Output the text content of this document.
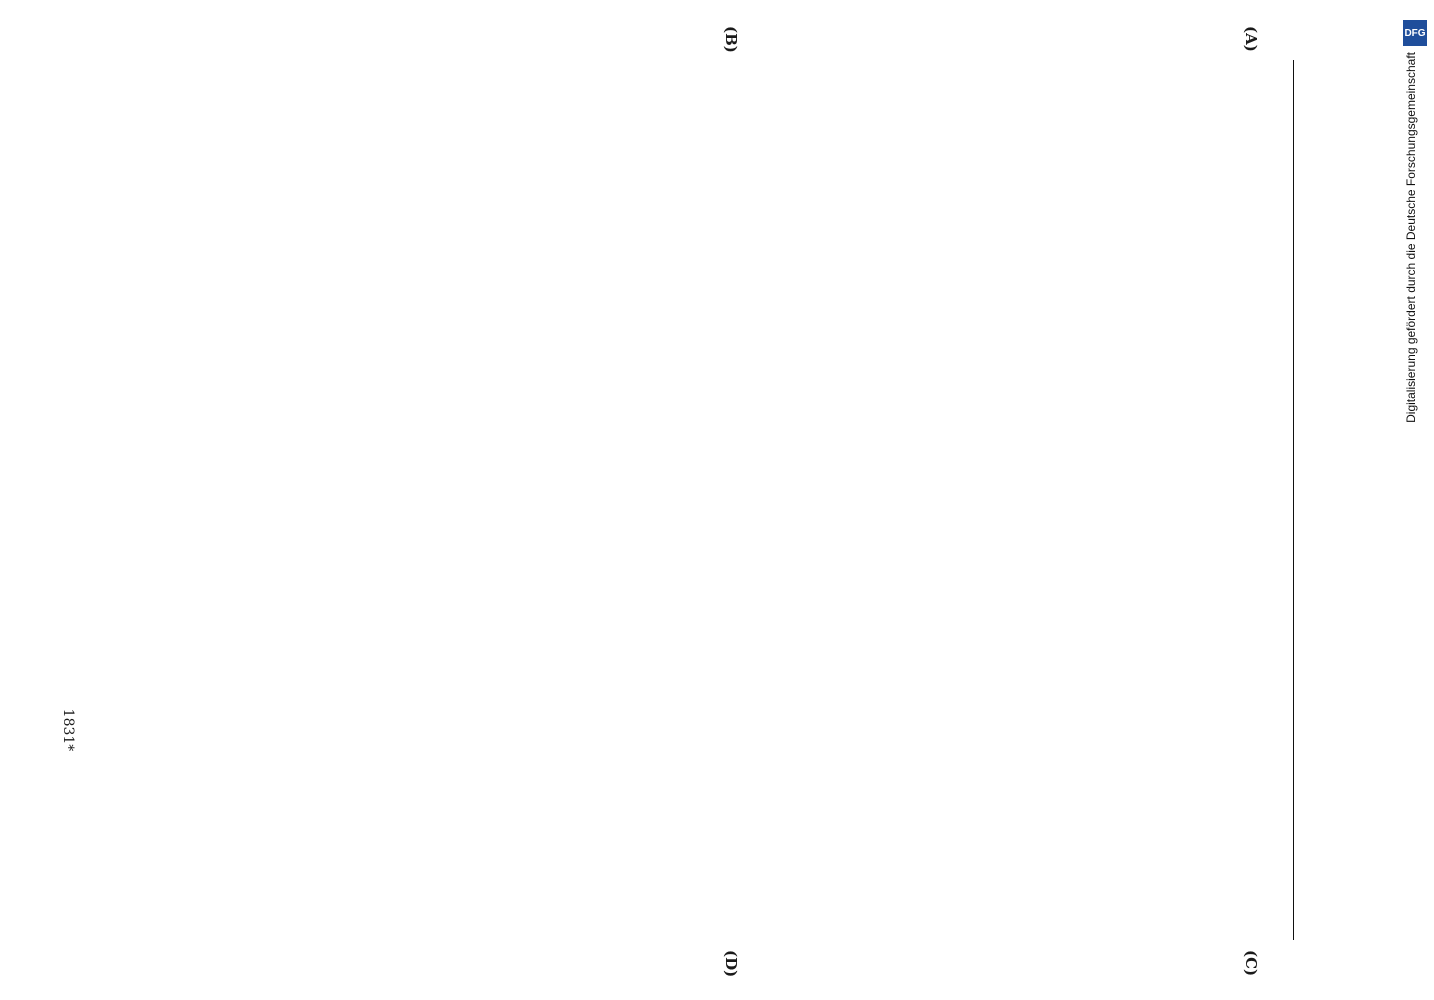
(A)
(B)
(C)
(D)
1831*
DFG
Digitalisierung gefördert durch die Deutsche Forschungsgemeinschaft
